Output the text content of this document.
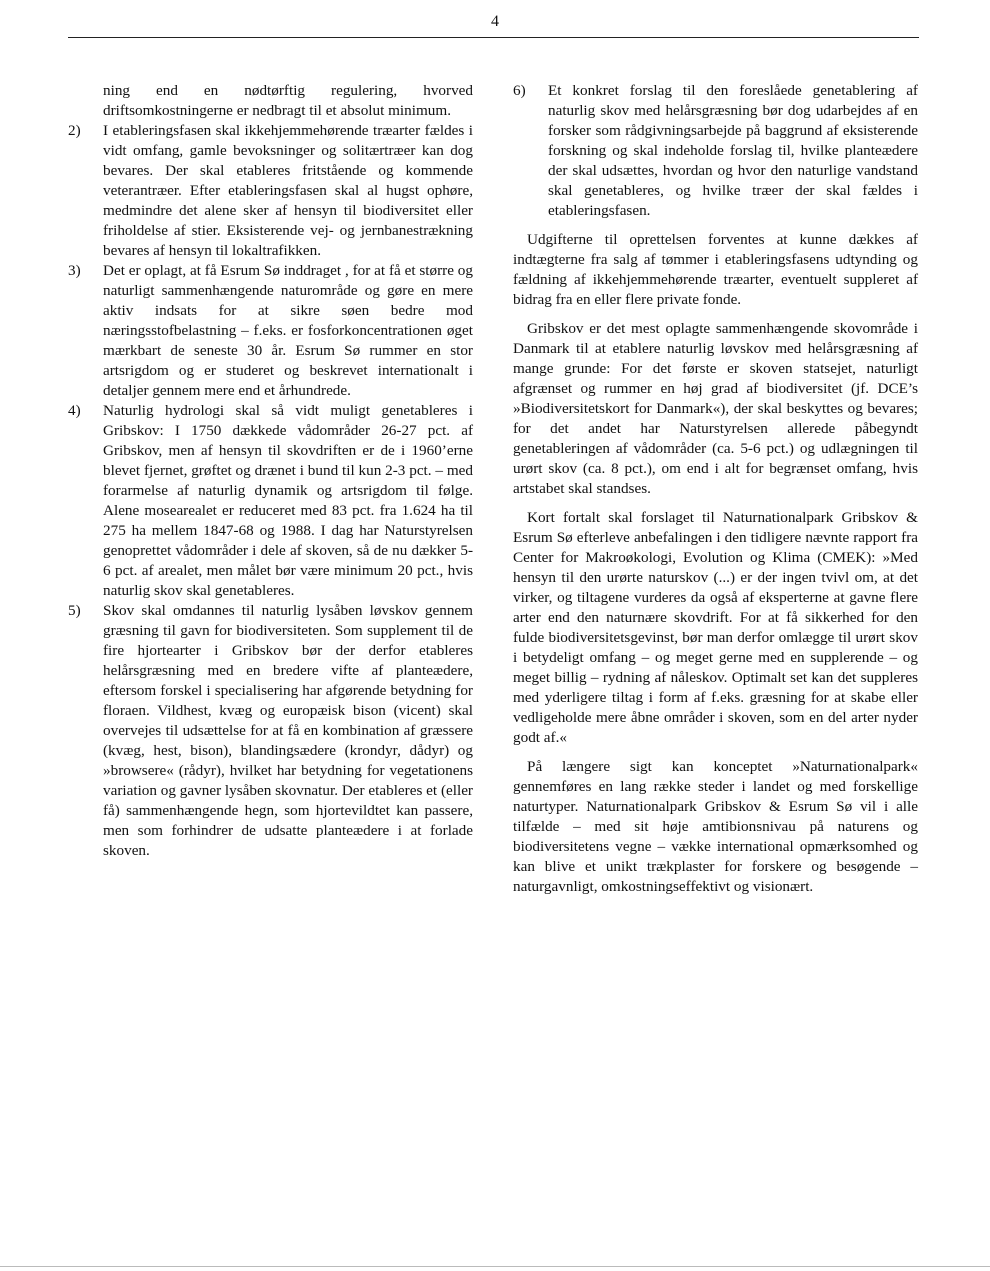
4
ning end en nødtørftig regulering, hvorved driftsomkostningerne er nedbragt til et absolut minimum.
2) I etableringsfasen skal ikkehjemmehørende træarter fældes i vidt omfang, gamle bevoksninger og solitærtræer kan dog bevares. Der skal etableres fritstående og kommende veterantræer. Efter etableringsfasen skal al hugst ophøre, medmindre det alene sker af hensyn til biodiversitet eller friholdelse af stier. Eksisterende vej- og jernbanestrækning bevares af hensyn til lokaltrafikken.
3) Det er oplagt, at få Esrum Sø inddraget , for at få et større og naturligt sammenhængende naturområde og gøre en mere aktiv indsats for at sikre søen bedre mod næringsstofbelastning – f.eks. er fosforkoncentrationen øget mærkbart de seneste 30 år. Esrum Sø rummer en stor artsrigdom og er studeret og beskrevet internationalt i detaljer gennem mere end et århundrede.
4) Naturlig hydrologi skal så vidt muligt genetableres i Gribskov: I 1750 dækkede vådområder 26-27 pct. af Gribskov, men af hensyn til skovdriften er de i 1960’erne blevet fjernet, grøftet og drænet i bund til kun 2-3 pct. – med forarmelse af naturlig dynamik og artsrigdom til følge. Alene mosearealet er reduceret med 83 pct. fra 1.624 ha til 275 ha mellem 1847-68 og 1988. I dag har Naturstyrelsen genoprettet vådområder i dele af skoven, så de nu dækker 5-6 pct. af arealet, men målet bør være minimum 20 pct., hvis naturlig skov skal genetableres.
5) Skov skal omdannes til naturlig lysåben løvskov gennem græsning til gavn for biodiversiteten. Som supplement til de fire hjortearter i Gribskov bør der derfor etableres helårsgræsning med en bredere vifte af planteædere, eftersom forskel i specialisering har afgørende betydning for floraen. Vildhest, kvæg og europæisk bison (vicent) skal overvejes til udsættelse for at få en kombination af græssere (kvæg, hest, bison), blandingsædere (krondyr, dådyr) og »browsere« (rådyr), hvilket har betydning for vegetationens variation og gavner lysåben skovnatur. Der etableres et (eller få) sammenhængende hegn, som hjortevildtet kan passere, men som forhindrer de udsatte planteædere i at forlade skoven.
6) Et konkret forslag til den foreslåede genetablering af naturlig skov med helårsgræsning bør dog udarbejdes af en forsker som rådgivningsarbejde på baggrund af eksisterende forskning og skal indeholde forslag til, hvilke planteædere der skal udsættes, hvordan og hvor den naturlige vandstand skal genetableres, og hvilke træer der skal fældes i etableringsfasen.

Udgifterne til oprettelsen forventes at kunne dækkes af indtægterne fra salg af tømmer i etableringsfasens udtynding og fældning af ikkehjemmehørende træarter, eventuelt suppleret af bidrag fra en eller flere private fonde.

Gribskov er det mest oplagte sammenhængende skovområde i Danmark til at etablere naturlig løvskov med helårsgræsning af mange grunde: For det første er skoven statsejet, naturligt afgrænset og rummer en høj grad af biodiversitet (jf. DCE’s »Biodiversitetskort for Danmark«), der skal beskyttes og bevares; for det andet har Naturstyrelsen allerede påbegyndt genetableringen af vådområder (ca. 5-6 pct.) og udlægningen til urørt skov (ca. 8 pct.), om end i alt for begrænset omfang, hvis artstabet skal standses.

Kort fortalt skal forslaget til Naturnationalpark Gribskov & Esrum Sø efterleve anbefalingen i den tidligere nævnte rapport fra Center for Makroøkologi, Evolution og Klima (CMEK): »Med hensyn til den urørte naturskov (...) er der ingen tvivl om, at det virker, og tiltagene vurderes da også af eksperterne at gavne flere arter end den naturnære skovdrift. For at få sikkerhed for den fulde biodiversitetsgevinst, bør man derfor omlægge til urørt skov i betydeligt omfang – og meget gerne med en supplerende – og meget billig – rydning af nåleskov. Optimalt set kan det suppleres med yderligere tiltag i form af f.eks. græsning for at skabe eller vedligeholde mere åbne områder i skoven, som en del arter nyder godt af.«

På længere sigt kan konceptet »Naturnationalpark« gennemføres en lang række steder i landet og med forskellige naturtyper. Naturnationalpark Gribskov & Esrum Sø vil i alle tilfælde – med sit høje amtibionsnivau på naturens og biodiversitetens vegne – vække international opmærksomhed og kan blive et unikt trækplaster for forskere og besøgende – naturgavnligt, omkostningseffektivt og visionært.
